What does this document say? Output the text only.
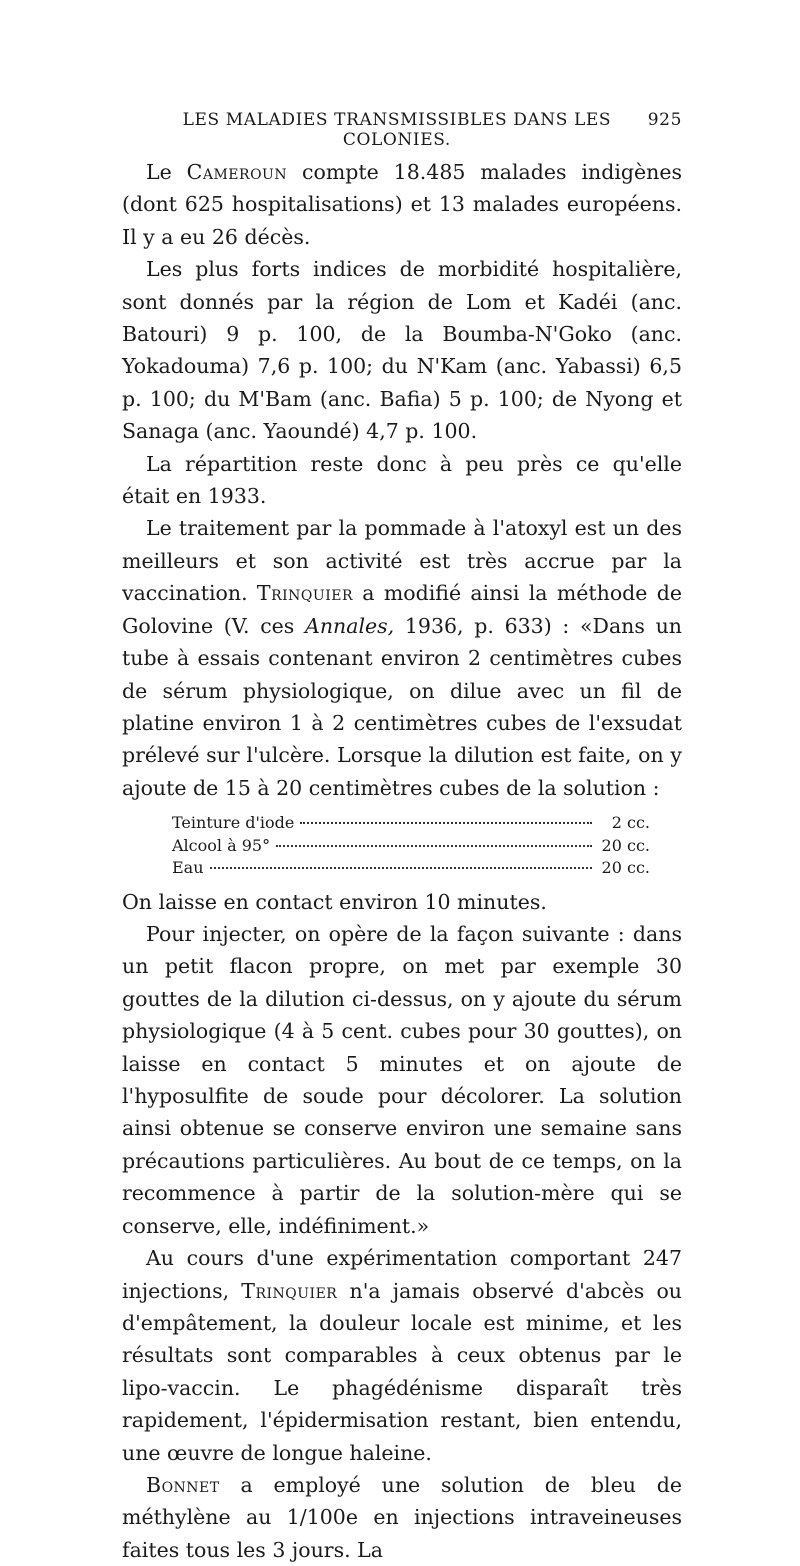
LES MALADIES TRANSMISSIBLES DANS LES COLONIES.
925

Le Cameroun compte 18.485 malades indigènes (dont 625 hospitalisations) et 13 malades européens. Il y a eu 26 décès.

Les plus forts indices de morbidité hospitalière, sont donnés par la région de Lom et Kadéi (anc. Batouri) 9 p. 100, de la Boumba-N'Goko (anc. Yokadouma) 7,6 p. 100; du N'Kam (anc. Yabassi) 6,5 p. 100; du M'Bam (anc. Bafia) 5 p. 100; de Nyong et Sanaga (anc. Yaoundé) 4,7 p. 100.

La répartition reste donc à peu près ce qu'elle était en 1933.

Le traitement par la pommade à l'atoxyl est un des meilleurs et son activité est très accrue par la vaccination. Trinquier a modifié ainsi la méthode de Golovine (V. ces Annales, 1936, p. 633) : «Dans un tube à essais contenant environ 2 centimètres cubes de sérum physiologique, on dilue avec un fil de platine environ 1 à 2 centimètres cubes de l'exsudat prélevé sur l'ulcère. Lorsque la dilution est faite, on y ajoute de 15 à 20 centimètres cubes de la solution :

Teinture d'iode	2 cc.
Alcool à 95°	20 cc.
Eau	20 cc.

On laisse en contact environ 10 minutes.

Pour injecter, on opère de la façon suivante : dans un petit flacon propre, on met par exemple 30 gouttes de la dilution ci-dessus, on y ajoute du sérum physiologique (4 à 5 cent. cubes pour 30 gouttes), on laisse en contact 5 minutes et on ajoute de l'hyposulfite de soude pour décolorer. La solution ainsi obtenue se conserve environ une semaine sans précautions particulières. Au bout de ce temps, on la recommence à partir de la solution-mère qui se conserve, elle, indéfiniment.»

Au cours d'une expérimentation comportant 247 injections, Trinquier n'a jamais observé d'abcès ou d'empâtement, la douleur locale est minime, et les résultats sont comparables à ceux obtenus par le lipo-vaccin. Le phagédénisme disparaît très rapidement, l'épidermisation restant, bien entendu, une œuvre de longue haleine.

Bonnet a employé une solution de bleu de méthylène au 1/100e en injections intraveineuses faites tous les 3 jours. La
